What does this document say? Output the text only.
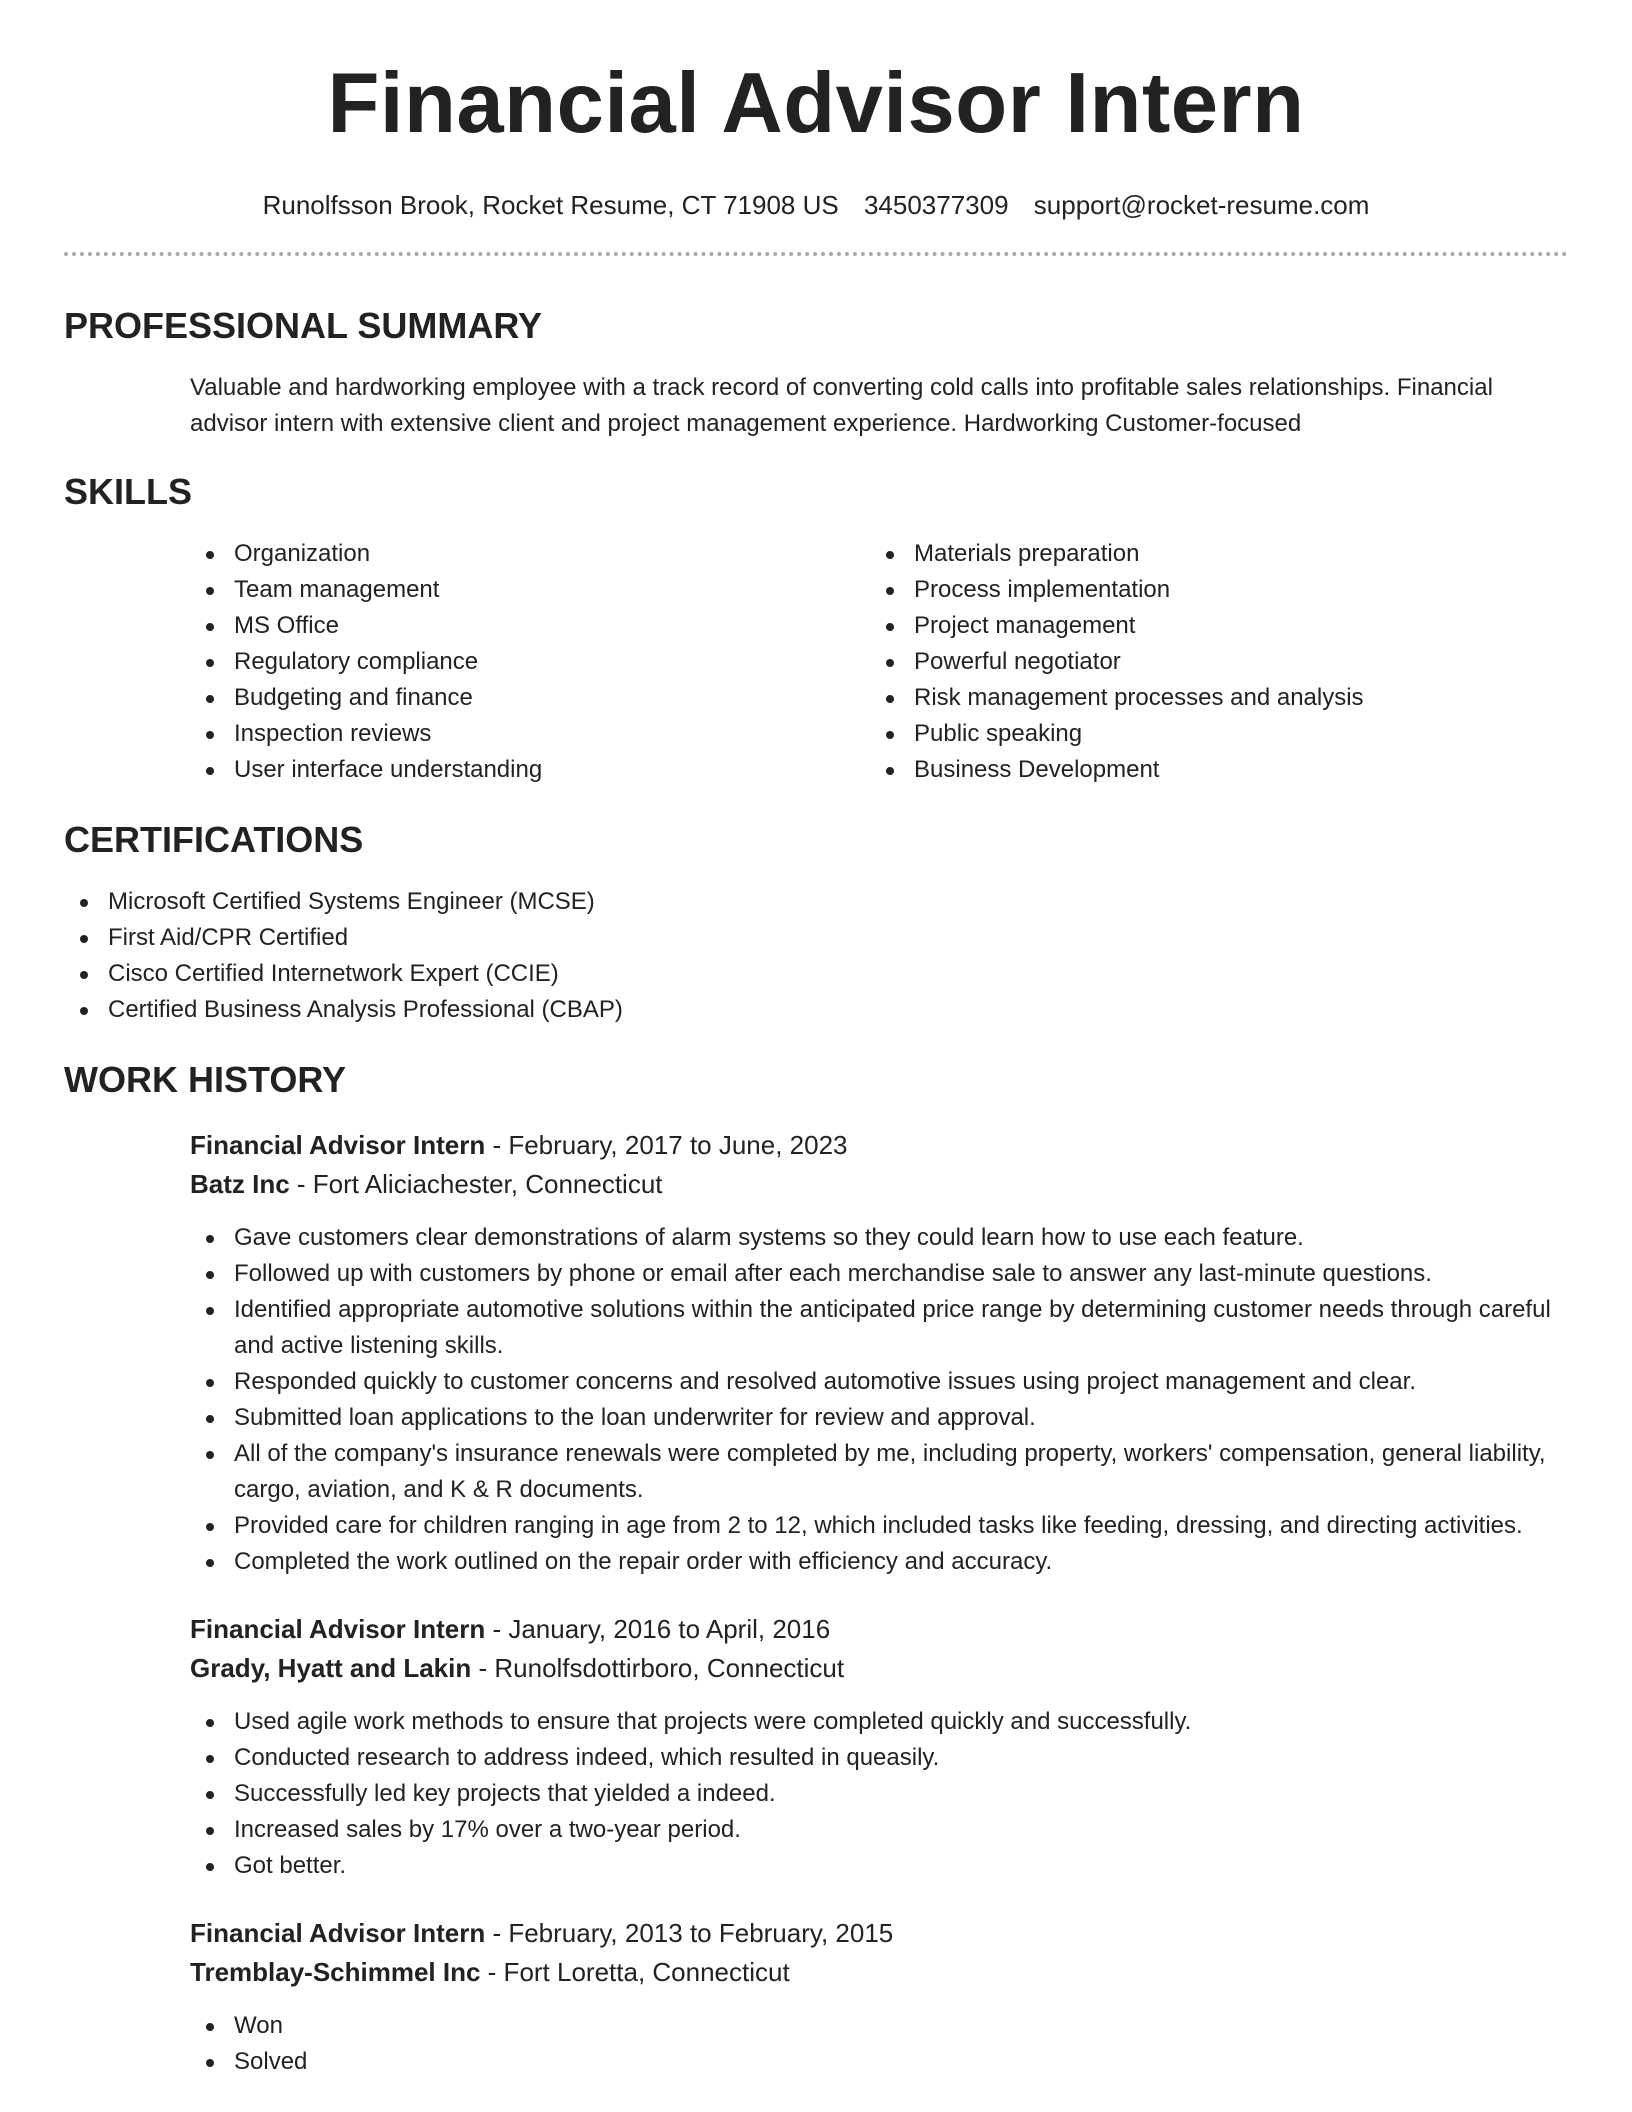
Financial Advisor Intern
Runolfsson Brook, Rocket Resume, CT 71908 US 3450377309 support@rocket-resume.com
PROFESSIONAL SUMMARY
Valuable and hardworking employee with a track record of converting cold calls into profitable sales relationships. Financial advisor intern with extensive client and project management experience. Hardworking Customer-focused
SKILLS
Organization
Team management
MS Office
Regulatory compliance
Budgeting and finance
Inspection reviews
User interface understanding
Materials preparation
Process implementation
Project management
Powerful negotiator
Risk management processes and analysis
Public speaking
Business Development
CERTIFICATIONS
Microsoft Certified Systems Engineer (MCSE)
First Aid/CPR Certified
Cisco Certified Internetwork Expert (CCIE)
Certified Business Analysis Professional (CBAP)
WORK HISTORY
Financial Advisor Intern - February, 2017 to June, 2023
Batz Inc - Fort Aliciachester, Connecticut
Gave customers clear demonstrations of alarm systems so they could learn how to use each feature.
Followed up with customers by phone or email after each merchandise sale to answer any last-minute questions.
Identified appropriate automotive solutions within the anticipated price range by determining customer needs through careful and active listening skills.
Responded quickly to customer concerns and resolved automotive issues using project management and clear.
Submitted loan applications to the loan underwriter for review and approval.
All of the company's insurance renewals were completed by me, including property, workers' compensation, general liability, cargo, aviation, and K & R documents.
Provided care for children ranging in age from 2 to 12, which included tasks like feeding, dressing, and directing activities.
Completed the work outlined on the repair order with efficiency and accuracy.
Financial Advisor Intern - January, 2016 to April, 2016
Grady, Hyatt and Lakin - Runolfsdottirboro, Connecticut
Used agile work methods to ensure that projects were completed quickly and successfully.
Conducted research to address indeed, which resulted in queasily.
Successfully led key projects that yielded a indeed.
Increased sales by 17% over a two-year period.
Got better.
Financial Advisor Intern - February, 2013 to February, 2015
Tremblay-Schimmel Inc - Fort Loretta, Connecticut
Won
Solved
